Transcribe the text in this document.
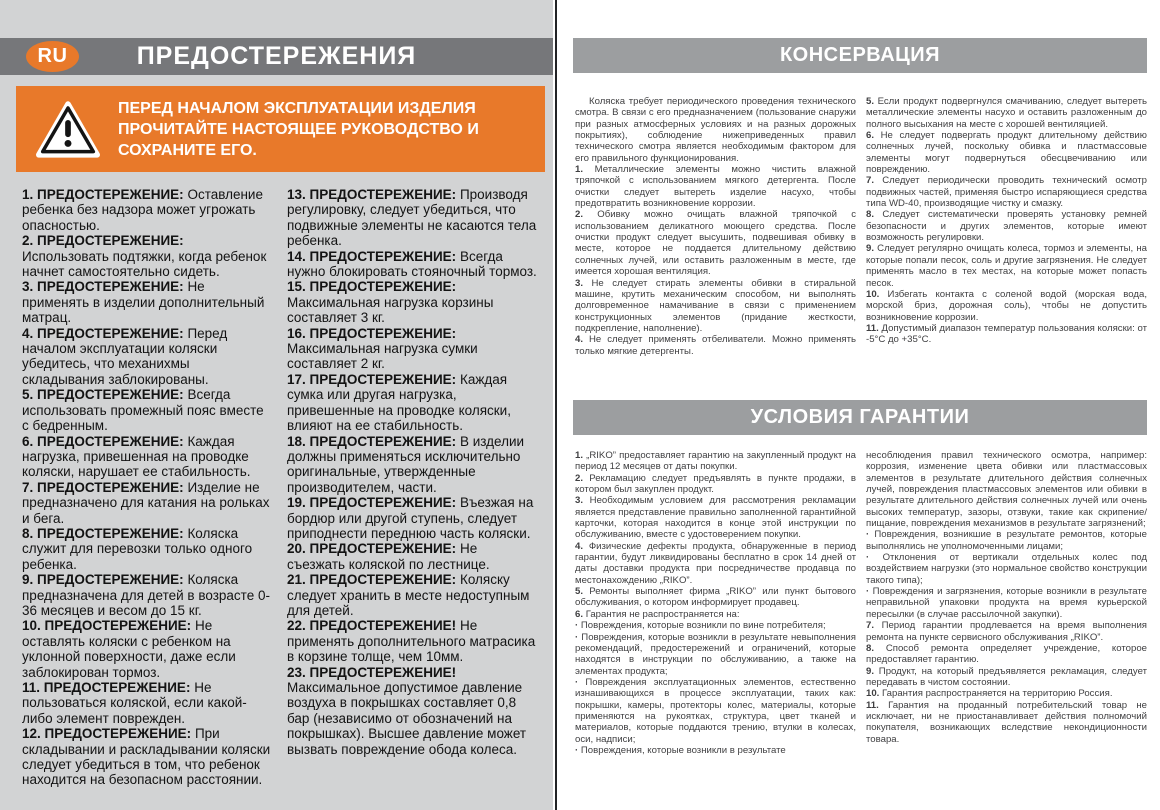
ПРЕДОСТЕРЕЖЕНИЯ
RU

ПЕРЕД НАЧАЛОМ ЭКСПЛУАТАЦИИ ИЗДЕЛИЯ ПРОЧИТАЙТЕ НАСТОЯЩЕЕ РУКОВОДСТВО И СОХРАНИТЕ ЕГО.

1. ПРЕДОСТЕРЕЖЕНИЕ: Оставление ребенка без надзора может угрожать опасностью.

2. ПРЕДОСТЕРЕЖЕНИЕ: Использовать подтяжки, когда ребенок начнет самостоятельно сидеть.

3. ПРЕДОСТЕРЕЖЕНИЕ: Не применять в изделии дополнительный матрац.

4. ПРЕДОСТЕРЕЖЕНИЕ: Перед началом эксплуатации коляски убедитесь, что механихмы складывания заблокированы.

5. ПРЕДОСТЕРЕЖЕНИЕ: Всегда использовать промежный пояс вместе с бедренным.

6. ПРЕДОСТЕРЕЖЕНИЕ: Каждая нагрузка, привешенная на проводке коляски, нарушает ее стабильность.

7. ПРЕДОСТЕРЕЖЕНИЕ: Изделие не предназначено для катания на рольках и бега.

8. ПРЕДОСТЕРЕЖЕНИЕ: Коляска служит для перевозки только одного ребенка.

9. ПРЕДОСТЕРЕЖЕНИЕ: Коляска предназначена для детей в возрасте 0-36 месяцев и весом до 15 кг.

10. ПРЕДОСТЕРЕЖЕНИЕ: Не оставлять коляски с ребенком на уклонной поверхности, даже если заблокирован тормоз.

11. ПРЕДОСТЕРЕЖЕНИЕ: Не пользоваться коляской, если какой-либо элемент поврежден.

12. ПРЕДОСТЕРЕЖЕНИЕ: При складывании и раскладывании коляски следует убедиться в том, что ребенок находится на безопасном расстоянии.

13. ПРЕДОСТЕРЕЖЕНИЕ: Производя регулировку, следует убедиться, что подвижные элементы не касаются тела ребенка.

14. ПРЕДОСТЕРЕЖЕНИЕ: Всегда нужно блокировать стояночный тормоз.

15. ПРЕДОСТЕРЕЖЕНИЕ: Максимальная нагрузка корзины составляет 3 кг.

16. ПРЕДОСТЕРЕЖЕНИЕ: Максимальная нагрузка сумки составляет 2 кг.

17. ПРЕДОСТЕРЕЖЕНИЕ: Каждая сумка или другая нагрузка, привешенные на проводке коляски, влияют на ее стабильность.

18. ПРЕДОСТЕРЕЖЕНИЕ: В изделии должны применяться исключительно оригинальные, утвержденные производителем, части.

19. ПРЕДОСТЕРЕЖЕНИЕ: Въезжая на бордюр или другой ступень, следует приподнести переднюю часть коляски.

20. ПРЕДОСТЕРЕЖЕНИЕ: Не съезжать коляской по лестнице.

21. ПРЕДОСТЕРЕЖЕНИЕ: Коляску следует хранить в месте недоступным для детей.

22. ПРЕДОСТЕРЕЖЕНИЕ! Не применять дополнительного матрасика в корзине толще, чем 10мм.

23. ПРЕДОСТЕРЕЖЕНИЕ! Максимальное допустимое давление воздуха в покрышках составляет 0,8 бар (независимо от обозначений на покрышках). Высшее давление может вызвать повреждение обода колеса.

КОНСЕРВАЦИЯ

Коляска требует периодического проведения технического смотра. В связи с его предназначением (пользование снаружи при разных атмосферных условиях и на разных дорожных покрытиях), соблюдение нижеприведенных правил технического смотра является необходимым фактором для его правильного функционирования.

1. Металлические элементы можно чистить влажной тряпочкой с использованием мягкого детергента. После очистки следует вытереть изделие насухо, чтобы предотвратить возникновение коррозии.

2. Обивку можно очищать влажной тряпочкой с использованием деликатного моющего средства. После очистки продукт следует высушить, подвешивая обивку в месте, которое не поддается длительному действию солнечных лучей, или оставить разложенным в месте, где имеется хорошая вентиляция.

3. Не следует стирать элементы обивки в стиральной машине, крутить механическим способом, ни выполнять долговременное намачивание в связи с применением конструкционных элементов (придание жесткости, подкрепление, наполнение).

4. Не следует применять отбеливатели. Можно применять только мягкие детергенты.

5. Если продукт подвергнулся смачиванию, следует вытереть металлические элементы насухо и оставить разложенным до полного высыхания на месте с хорошей вентиляцией.

6. Не следует подвергать продукт длительному действию солнечных лучей, поскольку обивка и пластмассовые элементы могут подвернуться обесцвечиванию или повреждению.

7. Следует периодически проводить технический осмотр подвижных частей, применяя быстро испаряющиеся средства типа WD-40, производящие чистку и смазку.

8. Следует систематически проверять установку ремней безопасности и других элементов, которые имеют возможность регулировки.

9. Следует регулярно очищать колеса, тормоз и элементы, на которые попали песок, соль и другие загрязнения. Не следует применять масло в тех местах, на которые может попасть песок.

10. Избегать контакта с соленой водой (морская вода, морской бриз, дорожная соль), чтобы не допустить возникновение коррозии.

11. Допустимый диапазон температур пользования коляски: от -5°C до +35°C.

УСЛОВИЯ ГАРАНТИИ

1. „RIKO” предоставляет гарантию на закупленный продукт на период 12 месяцев от даты покупки.

2. Рекламацию следует предъявлять в пункте продажи, в котором был закуплен продукт.

3. Необходимым условием для рассмотрения рекламации является представление правильно заполненной гарантийной карточки, которая находится в конце этой инструкции по обслуживанию, вместе с удостоверением покупки.

4. Физические дефекты продукта, обнаруженные в период гарантии, будут ликвидированы бесплатно в срок 14 дней от даты доставки продукта при посредничестве продавца по местонахождению „RIKO”.

5. Ремонты выполняет фирма „RIKO” или пункт бытового обслуживания, о котором информирует продавец.

6. Гарантия не распространяется на:

· Повреждения, которые возникли по вине потребителя;

· Повреждения, которые возникли в результате невыполнения рекомендаций, предостережений и ограничений, которые находятся в инструкции по обслуживанию, а также на элементах продукта;

· Повреждения эксплуатационных элементов, естественно изнашивающихся в процессе эксплуатации, таких как: покрышки, камеры, протекторы колес, материалы, которые применяются на рукоятках, структура, цвет тканей и материалов, которые поддаются трению, втулки в колесах, оси, надписи;

· Повреждения, которые возникли в результате

несоблюдения правил технического осмотра, например: коррозия, изменение цвета обивки или пластмассовых элементов в результате длительного действия солнечных лучей, повреждения пластмассовых элементов или обивки в результате длительного действия солнечных лучей или очень высоких температур, зазоры, отзвуки, такие как скрипение/ пищание, повреждения механизмов в результате загрязнений;

· Повреждения, возникшие в результате ремонтов, которые выполнялись не уполномоченными лицами;

· Отклонения от вертикали отдельных колес под воздействием нагрузки (это нормальное свойство конструкции такого типа);

· Повреждения и загрязнения, которые возникли в результате неправильной упаковки продукта на время курьерской пересылки (в случае рассылочной закупки).

7. Период гарантии продлевается на время выполнения ремонта на пункте сервисного обслуживания „RIKO”.

8. Способ ремонта определяет учреждение, которое предоставляет гарантию.

9. Продукт, на который предъявляется рекламация, следует передавать в чистом состоянии.

10. Гарантия распространяется на территорию Россия.

11. Гарантия на проданный потребительский товар не исключает, ни не приостанавливает действия полномочий покупателя, возникающих вследствие некондиционности товара.
